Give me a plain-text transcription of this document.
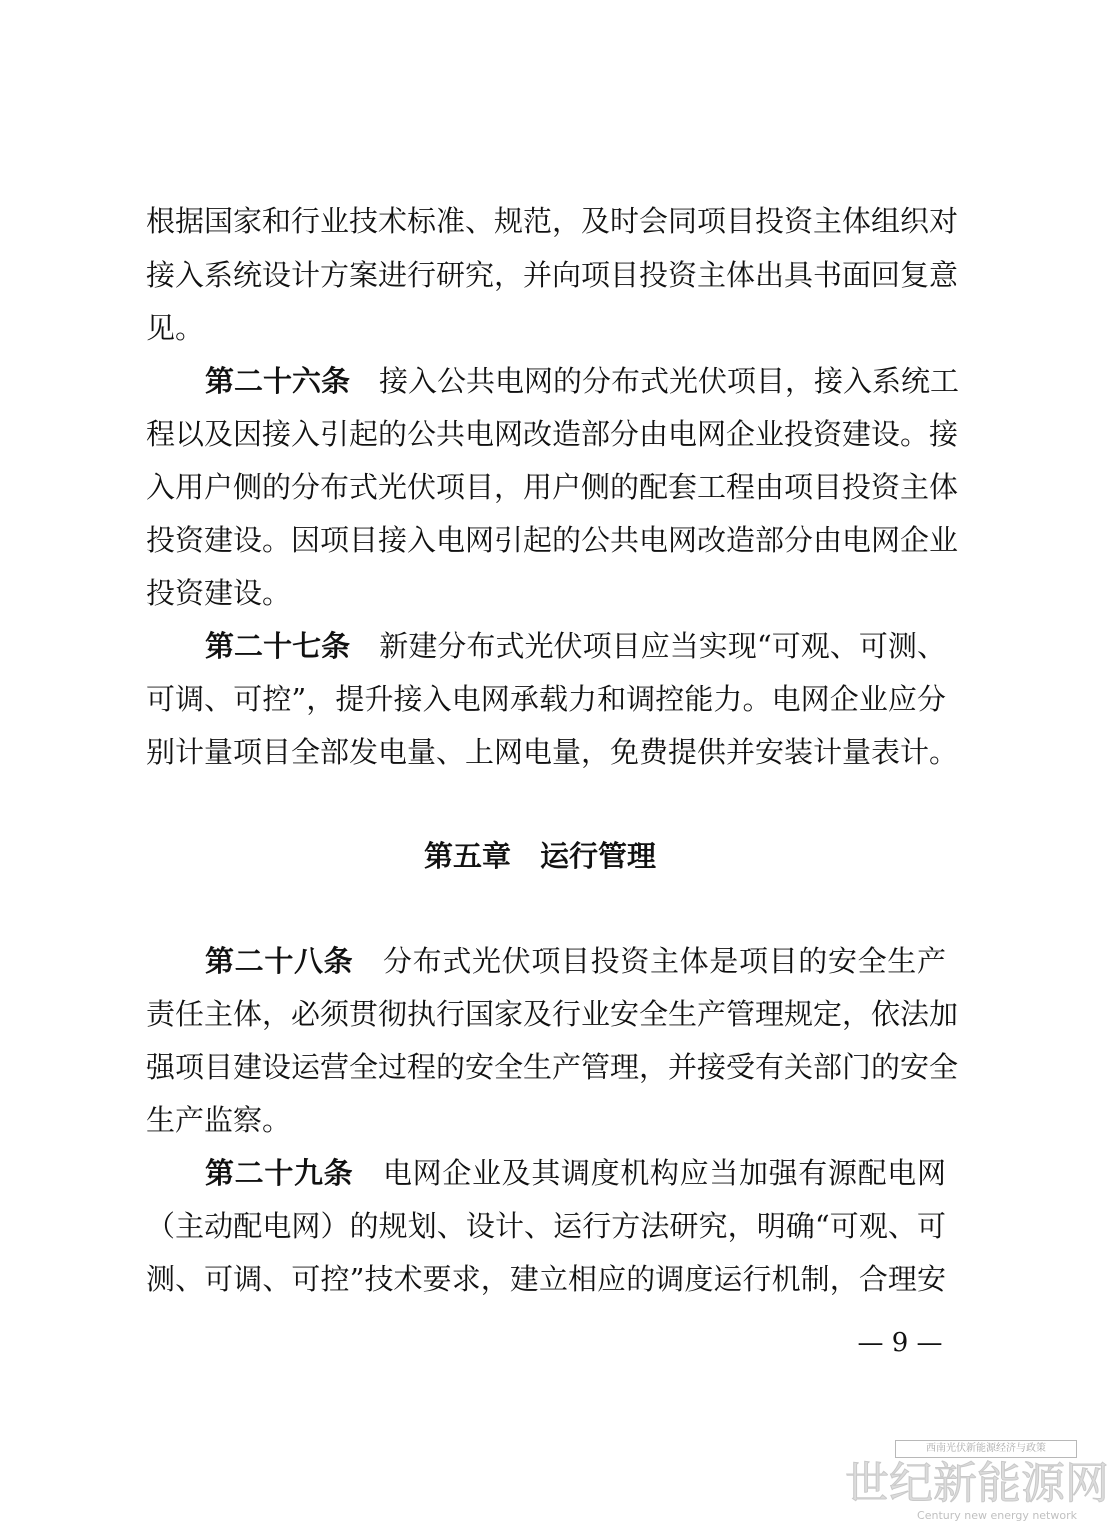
根据国家和行业技术标准、规范，及时会同项目投资主体组织对
接入系统设计方案进行研究，并向项目投资主体出具书面回复意
见。
第二十六条　 接入公共电网的分布式光伏项目，接入系统工
程以及因接入引起的公共电网改造部分由电网企业投资建设。接
入用户侧的分布式光伏项目，用户侧的配套工程由项目投资主体
投资建设。因项目接入电网引起的公共电网改造部分由电网企业
投资建设。
第二十七条　 新建分布式光伏项目应当实现“可观、可测、
可调、可控”，提升接入电网承载力和调控能力。电网企业应分
别计量项目全部发电量、上网电量，免费提供并安装计量表计。
第五章　运行管理
第二十八条　 分布式光伏项目投资主体是项目的安全生产
责任主体，必须贯彻执行国家及行业安全生产管理规定，依法加
强项目建设运营全过程的安全生产管理，并接受有关部门的安全
生产监察。
第二十九条　 电网企业及其调度机构应当加强有源配电网
（主动配电网）的规划、设计、运行方法研究，明确“可观、可
测、可调、可控”技术要求，建立相应的调度运行机制，合理安
— 9 —
西南光伏新能源经济与政策
世纪新能源网
Century new energy network
